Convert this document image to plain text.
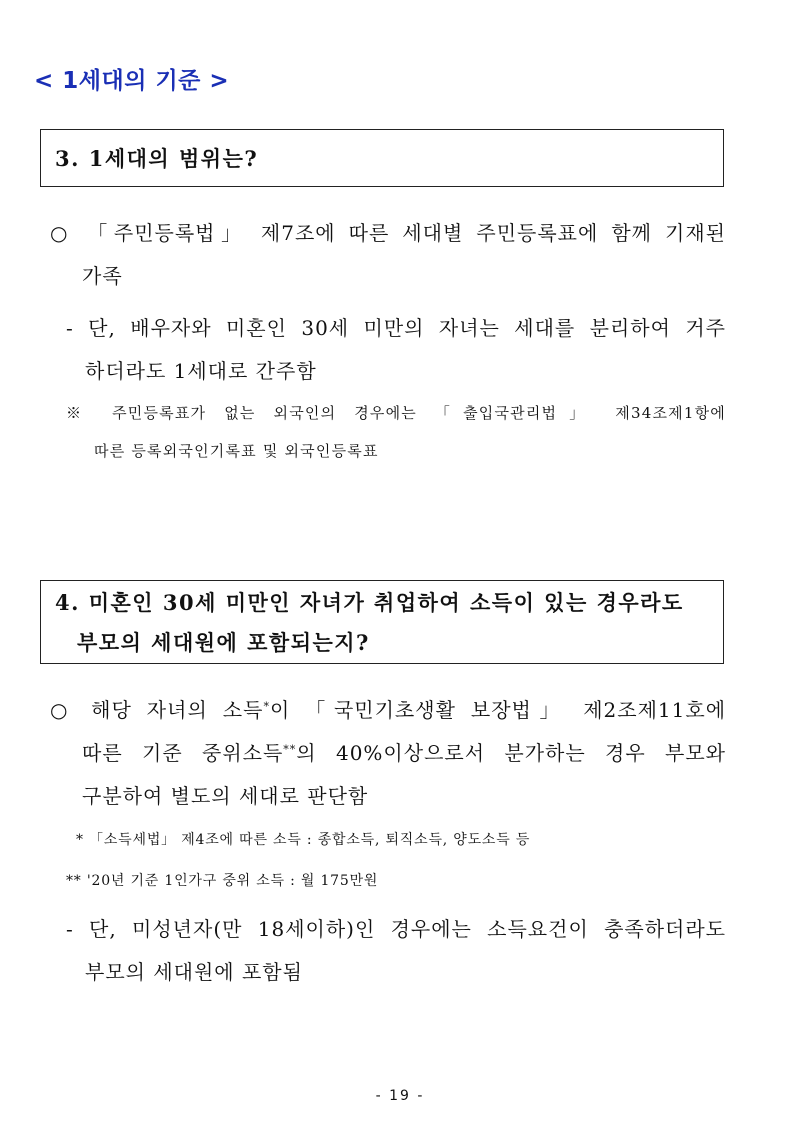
< 1세대의 기준 >
3. 1세대의 범위는?
○ 「주민등록법」 제7조에 따른 세대별 주민등록표에 함께 기재된
가족
- 단, 배우자와 미혼인 30세 미만의 자녀는 세대를 분리하여 거주
하더라도 1세대로 간주함
※ 주민등록표가 없는 외국인의 경우에는 「출입국관리법」 제34조제1항에
따른 등록외국인기록표 및 외국인등록표
4. 미혼인 30세 미만인 자녀가 취업하여 소득이 있는 경우라도
부모의 세대원에 포함되는지?
○ 해당 자녀의 소득*이 「국민기초생활 보장법」 제2조제11호에
따른 기준 중위소득**의 40%이상으로서 분가하는 경우 부모와
구분하여 별도의 세대로 판단함
* 「소득세법」 제4조에 따른 소득 : 종합소득, 퇴직소득, 양도소득 등
** '20년 기준 1인가구 중위 소득 : 월 175만원
- 단, 미성년자(만 18세이하)인 경우에는 소득요건이 충족하더라도
부모의 세대원에 포함됨
- 19 -
